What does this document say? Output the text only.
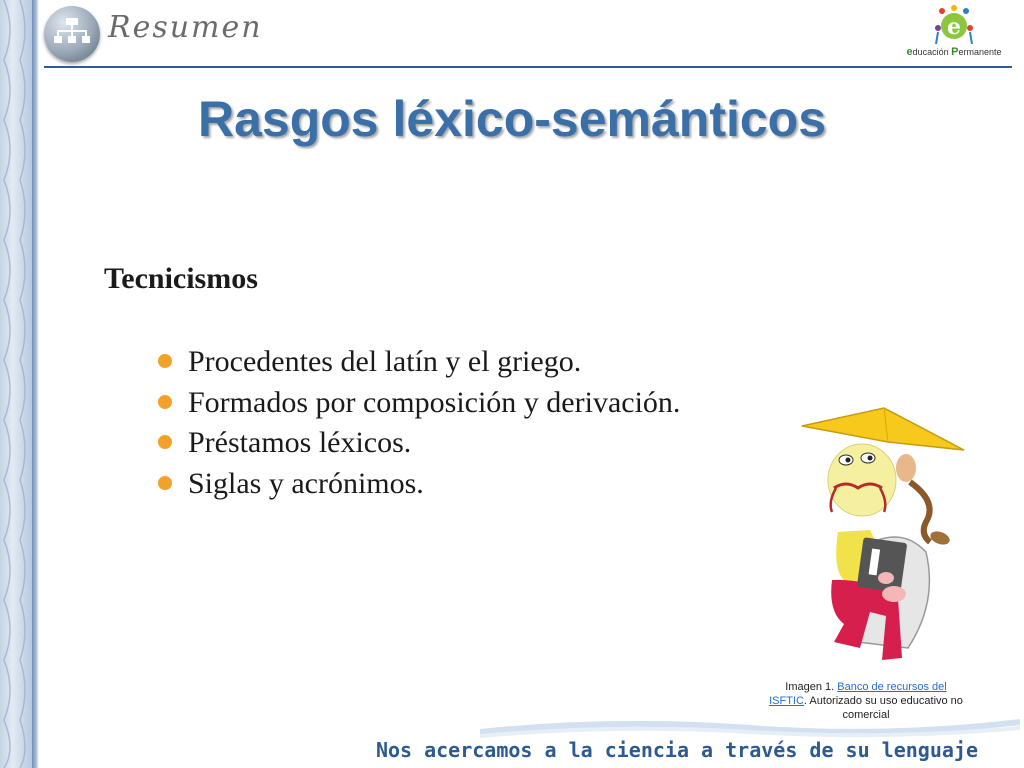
Resumen	e
educación Permanente
Rasgos léxico-semánticos
Tecnicismos
Procedentes del latín y el griego.
Formados por composición y derivación.
Préstamos léxicos.
Siglas y acrónimos.
Imagen 1. Banco de recursos del ISFTIC. Autorizado su uso educativo no comercial
Nos acercamos a la ciencia a través de su lenguaje
